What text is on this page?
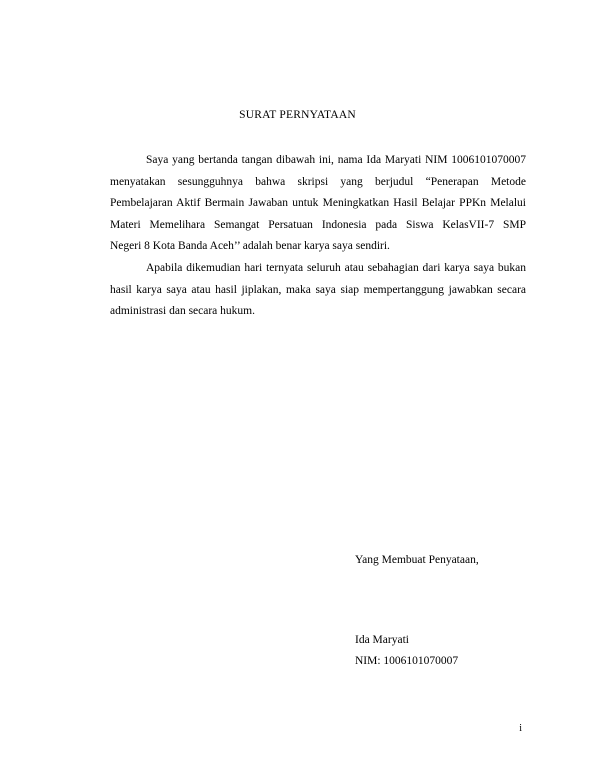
SURAT PERNYATAAN

Saya yang bertanda tangan dibawah ini, nama Ida Maryati NIM 1006101070007
menyatakan sesungguhnya bahwa skripsi yang berjudul “Penerapan Metode
Pembelajaran Aktif Bermain Jawaban untuk Meningkatkan Hasil Belajar PPKn Melalui
Materi Memelihara Semangat Persatuan Indonesia pada Siswa KelasVII-7 SMP
Negeri 8 Kota Banda Aceh’’ adalah benar karya saya sendiri.

Apabila dikemudian hari ternyata seluruh atau sebahagian dari karya saya bukan
hasil karya saya atau hasil jiplakan, maka saya siap mempertanggung jawabkan secara
administrasi dan secara hukum.

Yang Membuat Penyataan,
Ida Maryati
NIM: 1006101070007
i
